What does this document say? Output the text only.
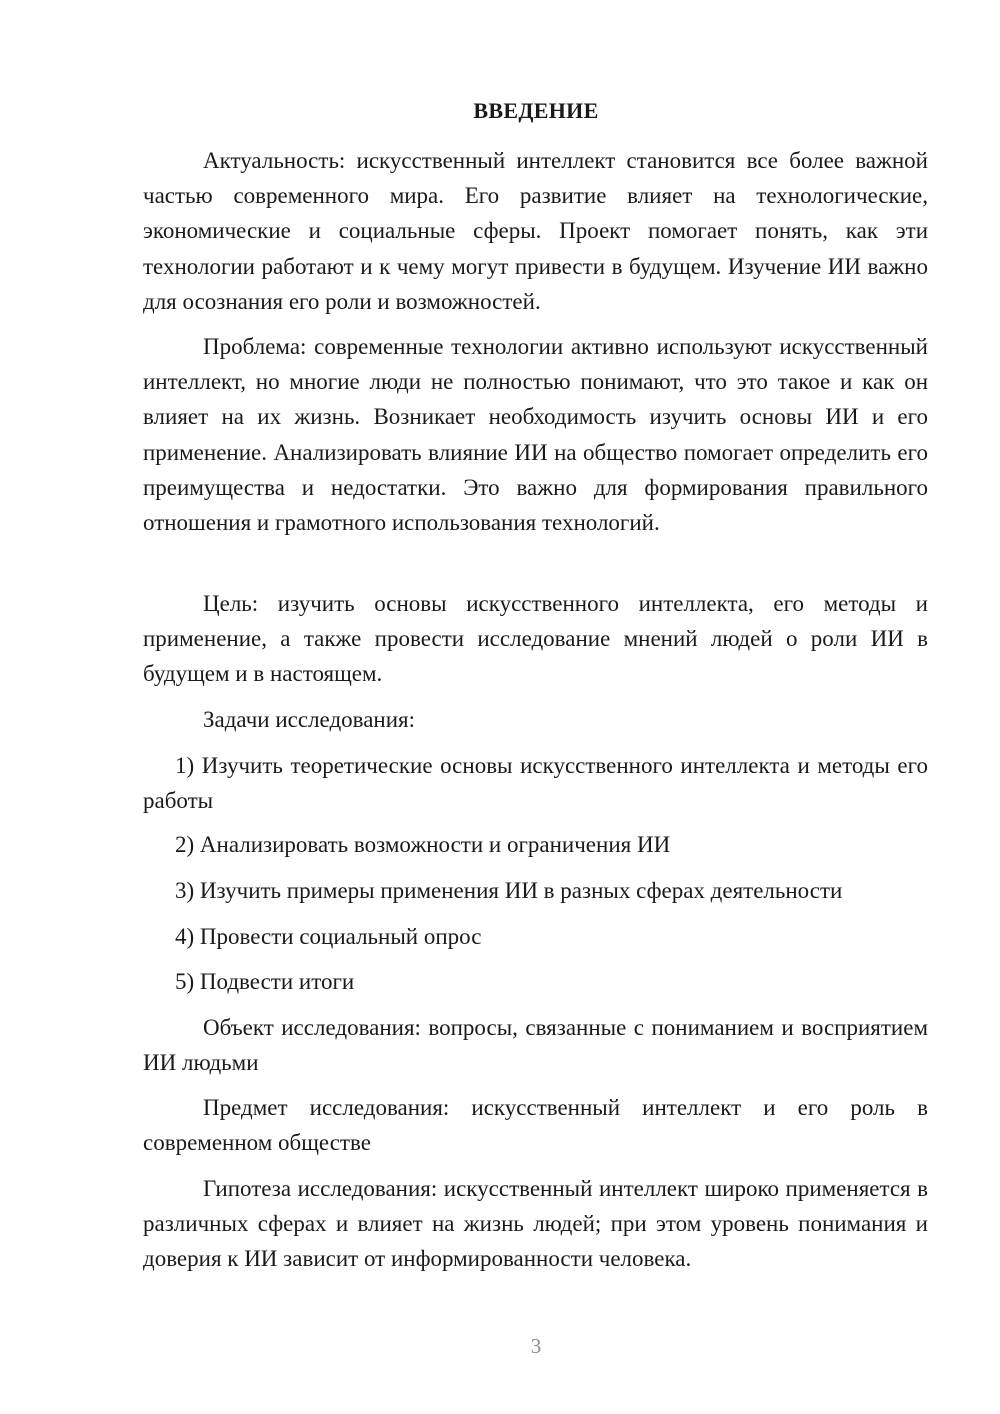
ВВЕДЕНИЕ

Актуальность: искусственный интеллект становится все более важной частью современного мира. Его развитие влияет на технологические, экономические и социальные сферы. Проект помогает понять, как эти технологии работают и к чему могут привести в будущем. Изучение ИИ важно для осознания его роли и возможностей.

Проблема: современные технологии активно используют искусственный интеллект, но многие люди не полностью понимают, что это такое и как он влияет на их жизнь. Возникает необходимость изучить основы ИИ и его применение. Анализировать влияние ИИ на общество помогает определить его преимущества и недостатки. Это важно для формирования правильного отношения и грамотного использования технологий.

Цель: изучить основы искусственного интеллекта, его методы и применение, а также провести исследование мнений людей о роли ИИ в будущем и в настоящем.

Задачи исследования:

1) Изучить теоретические основы искусственного интеллекта и методы его работы

2) Анализировать возможности и ограничения ИИ

3) Изучить примеры применения ИИ в разных сферах деятельности

4) Провести социальный опрос

5) Подвести итоги

Объект исследования: вопросы, связанные с пониманием и восприятием ИИ людьми

Предмет исследования: искусственный интеллект и его роль в современном обществе

Гипотеза исследования: искусственный интеллект широко применяется в различных сферах и влияет на жизнь людей; при этом уровень понимания и доверия к ИИ зависит от информированности человека.

3
